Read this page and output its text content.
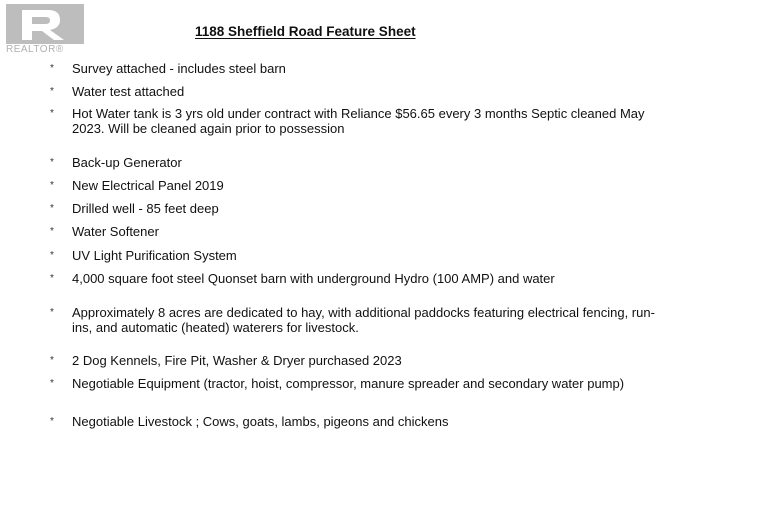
REALTOR®
1188 Sheffield Road Feature Sheet
* Survey attached - includes steel barn
* Water test attached
* Hot Water tank is 3 yrs old under contract with Reliance $56.65 every 3 months Septic cleaned May 2023. Will be cleaned again prior to possession
* Back-up Generator
* New Electrical Panel 2019
* Drilled well - 85 feet deep
* Water Softener
* UV Light Purification System
* 4,000 square foot steel Quonset barn with underground Hydro (100 AMP) and water
* Approximately 8 acres are dedicated to hay, with additional paddocks featuring electrical fencing, run-ins, and automatic (heated) waterers for livestock.
* 2 Dog Kennels, Fire Pit, Washer & Dryer purchased 2023
* Negotiable Equipment (tractor, hoist, compressor, manure spreader and secondary water pump)
* Negotiable Livestock ; Cows, goats, lambs, pigeons and chickens
